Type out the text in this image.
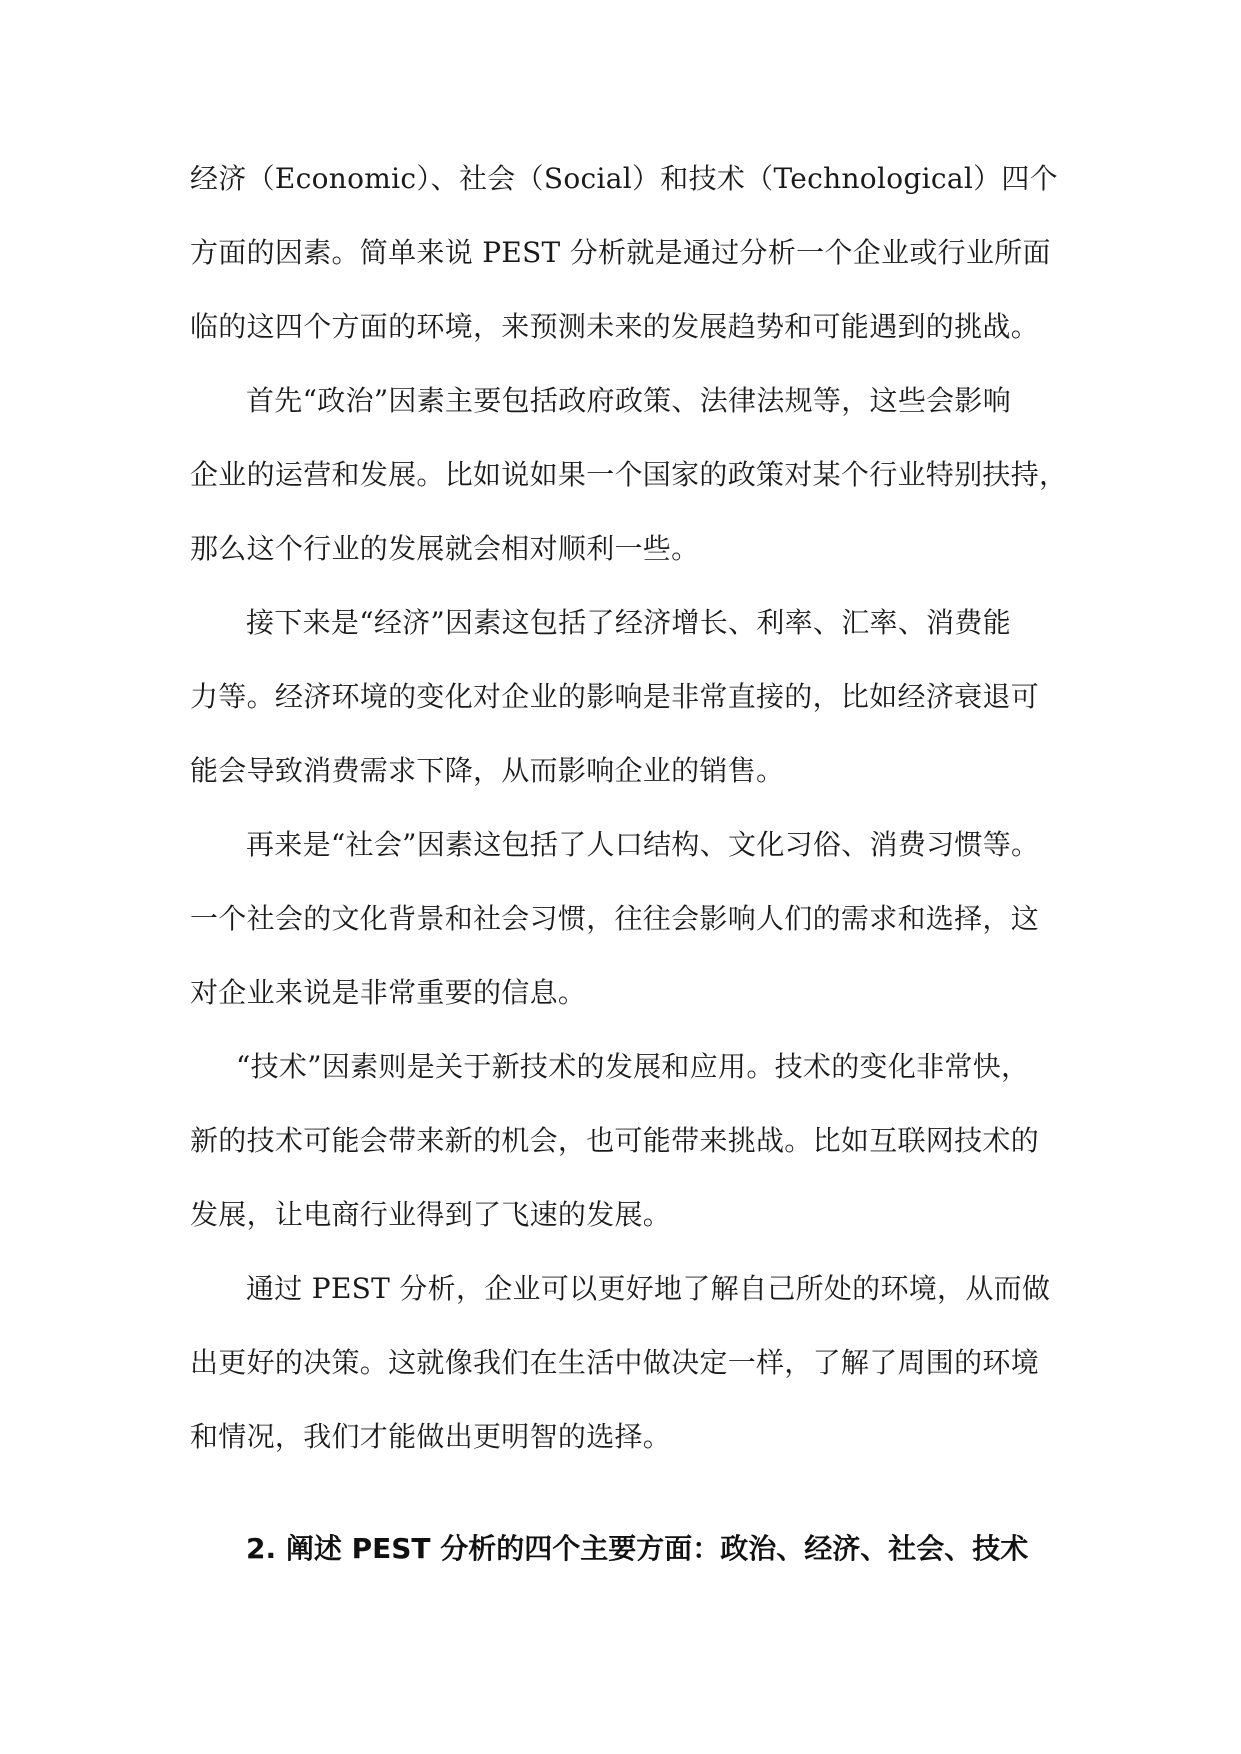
经济（Economic）、社会（Social）和技术（Technological）四个
方面的因素。简单来说 PEST 分析就是通过分析一个企业或行业所面
临的这四个方面的环境，来预测未来的发展趋势和可能遇到的挑战。
首先“政治”因素主要包括政府政策、法律法规等，这些会影响
企业的运营和发展。比如说如果一个国家的政策对某个行业特别扶持，
那么这个行业的发展就会相对顺利一些。
接下来是“经济”因素这包括了经济增长、利率、汇率、消费能
力等。经济环境的变化对企业的影响是非常直接的，比如经济衰退可
能会导致消费需求下降，从而影响企业的销售。
再来是“社会”因素这包括了人口结构、文化习俗、消费习惯等。
一个社会的文化背景和社会习惯，往往会影响人们的需求和选择，这
对企业来说是非常重要的信息。
“技术”因素则是关于新技术的发展和应用。技术的变化非常快，
新的技术可能会带来新的机会，也可能带来挑战。比如互联网技术的
发展，让电商行业得到了飞速的发展。
通过 PEST 分析，企业可以更好地了解自己所处的环境，从而做
出更好的决策。这就像我们在生活中做决定一样，了解了周围的环境
和情况，我们才能做出更明智的选择。
2. 阐述 PEST 分析的四个主要方面：政治、经济、社会、技术
